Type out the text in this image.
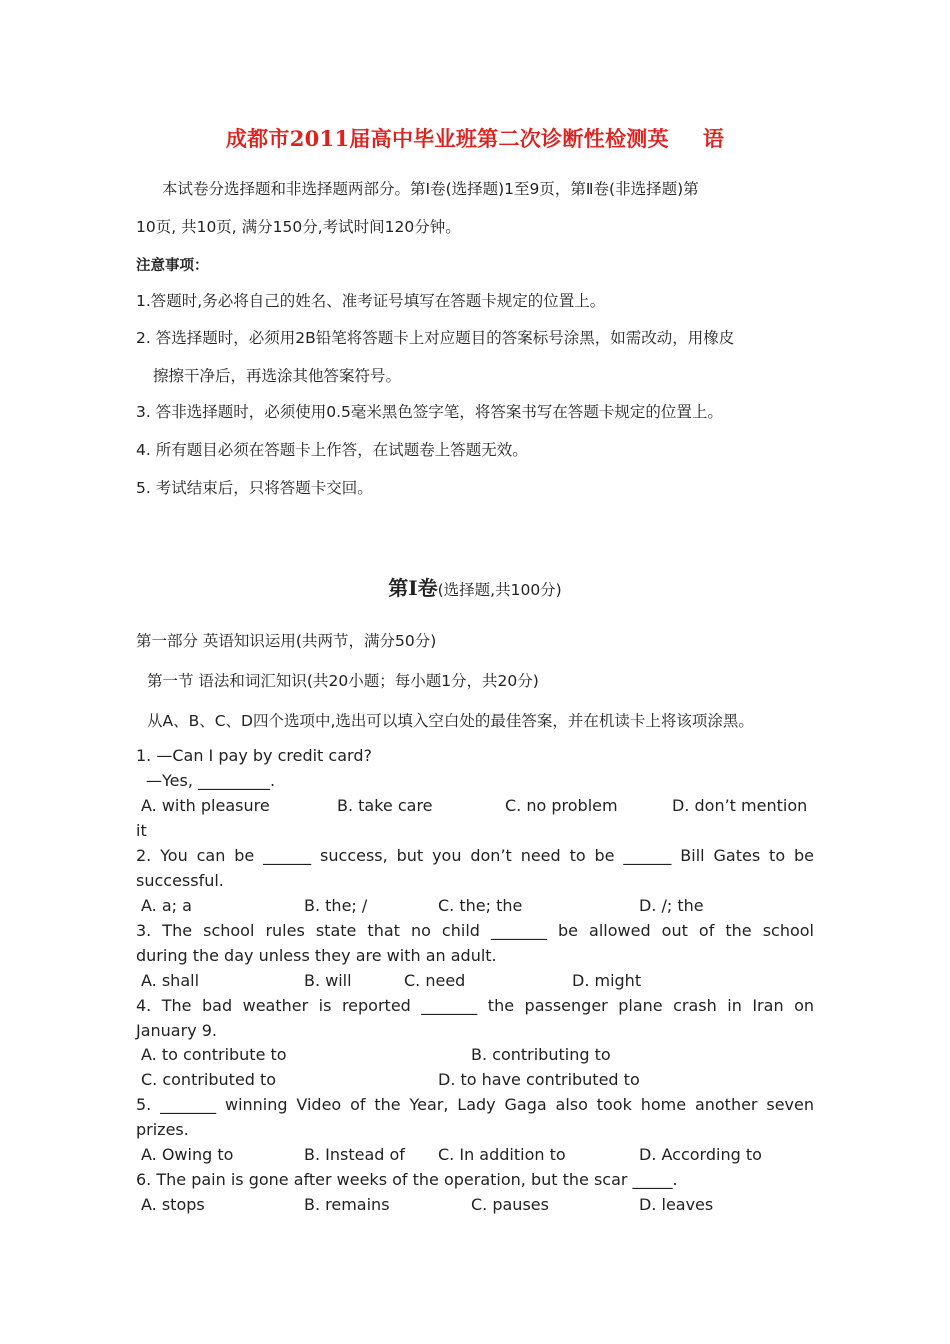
成都市2011届高中毕业班第二次诊断性检测英 语
本试卷分选择题和非选择题两部分。第Ⅰ卷(选择题)1至9页，第Ⅱ卷(非选择题)第
10页, 共10页, 满分150分,考试时间120分钟。
注意事项：
1.答题时,务必将自己的姓名、准考证号填写在答题卡规定的位置上。
2. 答选择题时，必须用2B铅笔将答题卡上对应题目的答案标号涂黑，如需改动，用橡皮
擦擦干净后，再选涂其他答案符号。
3. 答非选择题时，必须使用0.5毫米黑色签字笔，将答案书写在答题卡规定的位置上。
4. 所有题目必须在答题卡上作答，在试题卷上答题无效。
5. 考试结束后，只将答题卡交回。
第Ⅰ卷(选择题,共100分)
第一部分 英语知识运用(共两节，满分50分)
第一节 语法和词汇知识(共20小题；每小题1分，共20分)
从A、B、C、D四个选项中,选出可以填入空白处的最佳答案，并在机读卡上将该项涂黑。
1. —Can I pay by credit card?
—Yes, _________.
A. with pleasure	B. take care	C. no problem	D. don’t mention
it
2. You can be ______ success, but you don’t need to be ______ Bill Gates to be
successful.
A. a; a	B. the; /	C. the; the	D. /; the
3. The school rules state that no child _______ be allowed out of the school
during the day unless they are with an adult.
A. shall	B. will	C. need	D. might
4. The bad weather is reported _______ the passenger plane crash in Iran on
January 9.
A. to contribute to	B. contributing to
C. contributed to	D. to have contributed to
5. _______ winning Video of the Year, Lady Gaga also took home another seven
prizes.
A. Owing to	B. Instead of C. In addition to	D. According to
6. The pain is gone after weeks of the operation, but the scar _____.
A. stops	B. remains	C. pauses	D. leaves
